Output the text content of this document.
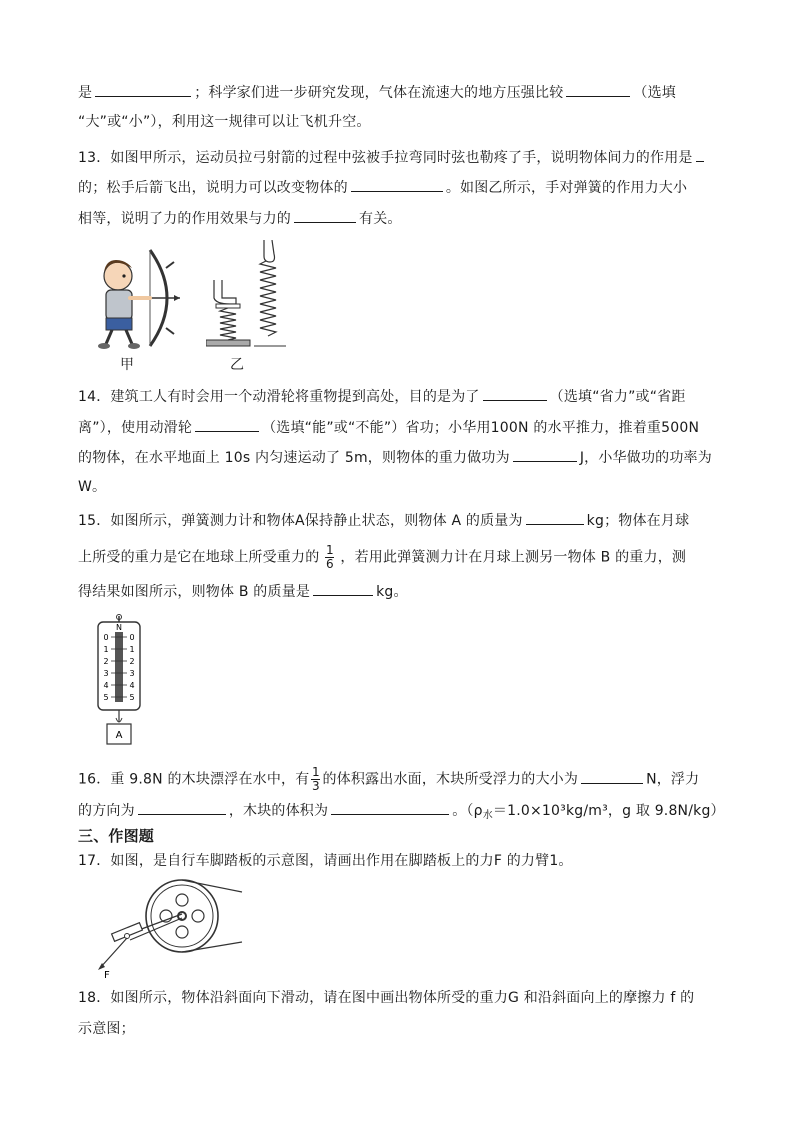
是	；科学家们进一步研究发现，气体在流速大的地方压强比较	（选填
“大”或“小”），利用这一规律可以让飞机升空。
13．如图甲所示，运动员拉弓射箭的过程中弦被手拉弯同时弦也勒疼了手，说明物体间力的作用是
的；松手后箭飞出，说明力可以改变物体的	。如图乙所示，手对弹簧的作用力大小
相等，说明了力的作用效果与力的	有关。
甲	乙
14．建筑工人有时会用一个动滑轮将重物提到高处，目的是为了	（选填“省力”或“省距
离”），使用动滑轮	（选填“能”或“不能”）省功；小华用100N 的水平推力，推着重500N
的物体，在水平地面上 10s 内匀速运动了 5m，则物体的重力做功为	J，小华做功的功率为
W。
15．如图所示，弹簧测力计和物体A保持静止状态，则物体 A 的质量为	kg；物体在月球
上所受的重力是它在地球上所受重力的 $\frac{1}{6}$ ，若用此弹簧测力计在月球上测另一物体 B 的重力，测
得结果如图所示，则物体 B 的质量是	kg。
N
0
1
2
3
4
5
0
1
2
3
4
5
A
16．重 9.8N 的木块漂浮在水中，有 $\frac{1}{3}$ 的体积露出水面，木块所受浮力的大小为	N，浮力
的方向为	，木块的体积为	。（$\rho_水=1.0\times 10^3kg/m^3$，g 取 9.8N/kg）
三、作图题
17．如图，是自行车脚踏板的示意图，请画出作用在脚踏板上的力F 的力臂1。
F
18．如图所示，物体沿斜面向下滑动，请在图中画出物体所受的重力G 和沿斜面向上的摩擦力 f 的
示意图；
